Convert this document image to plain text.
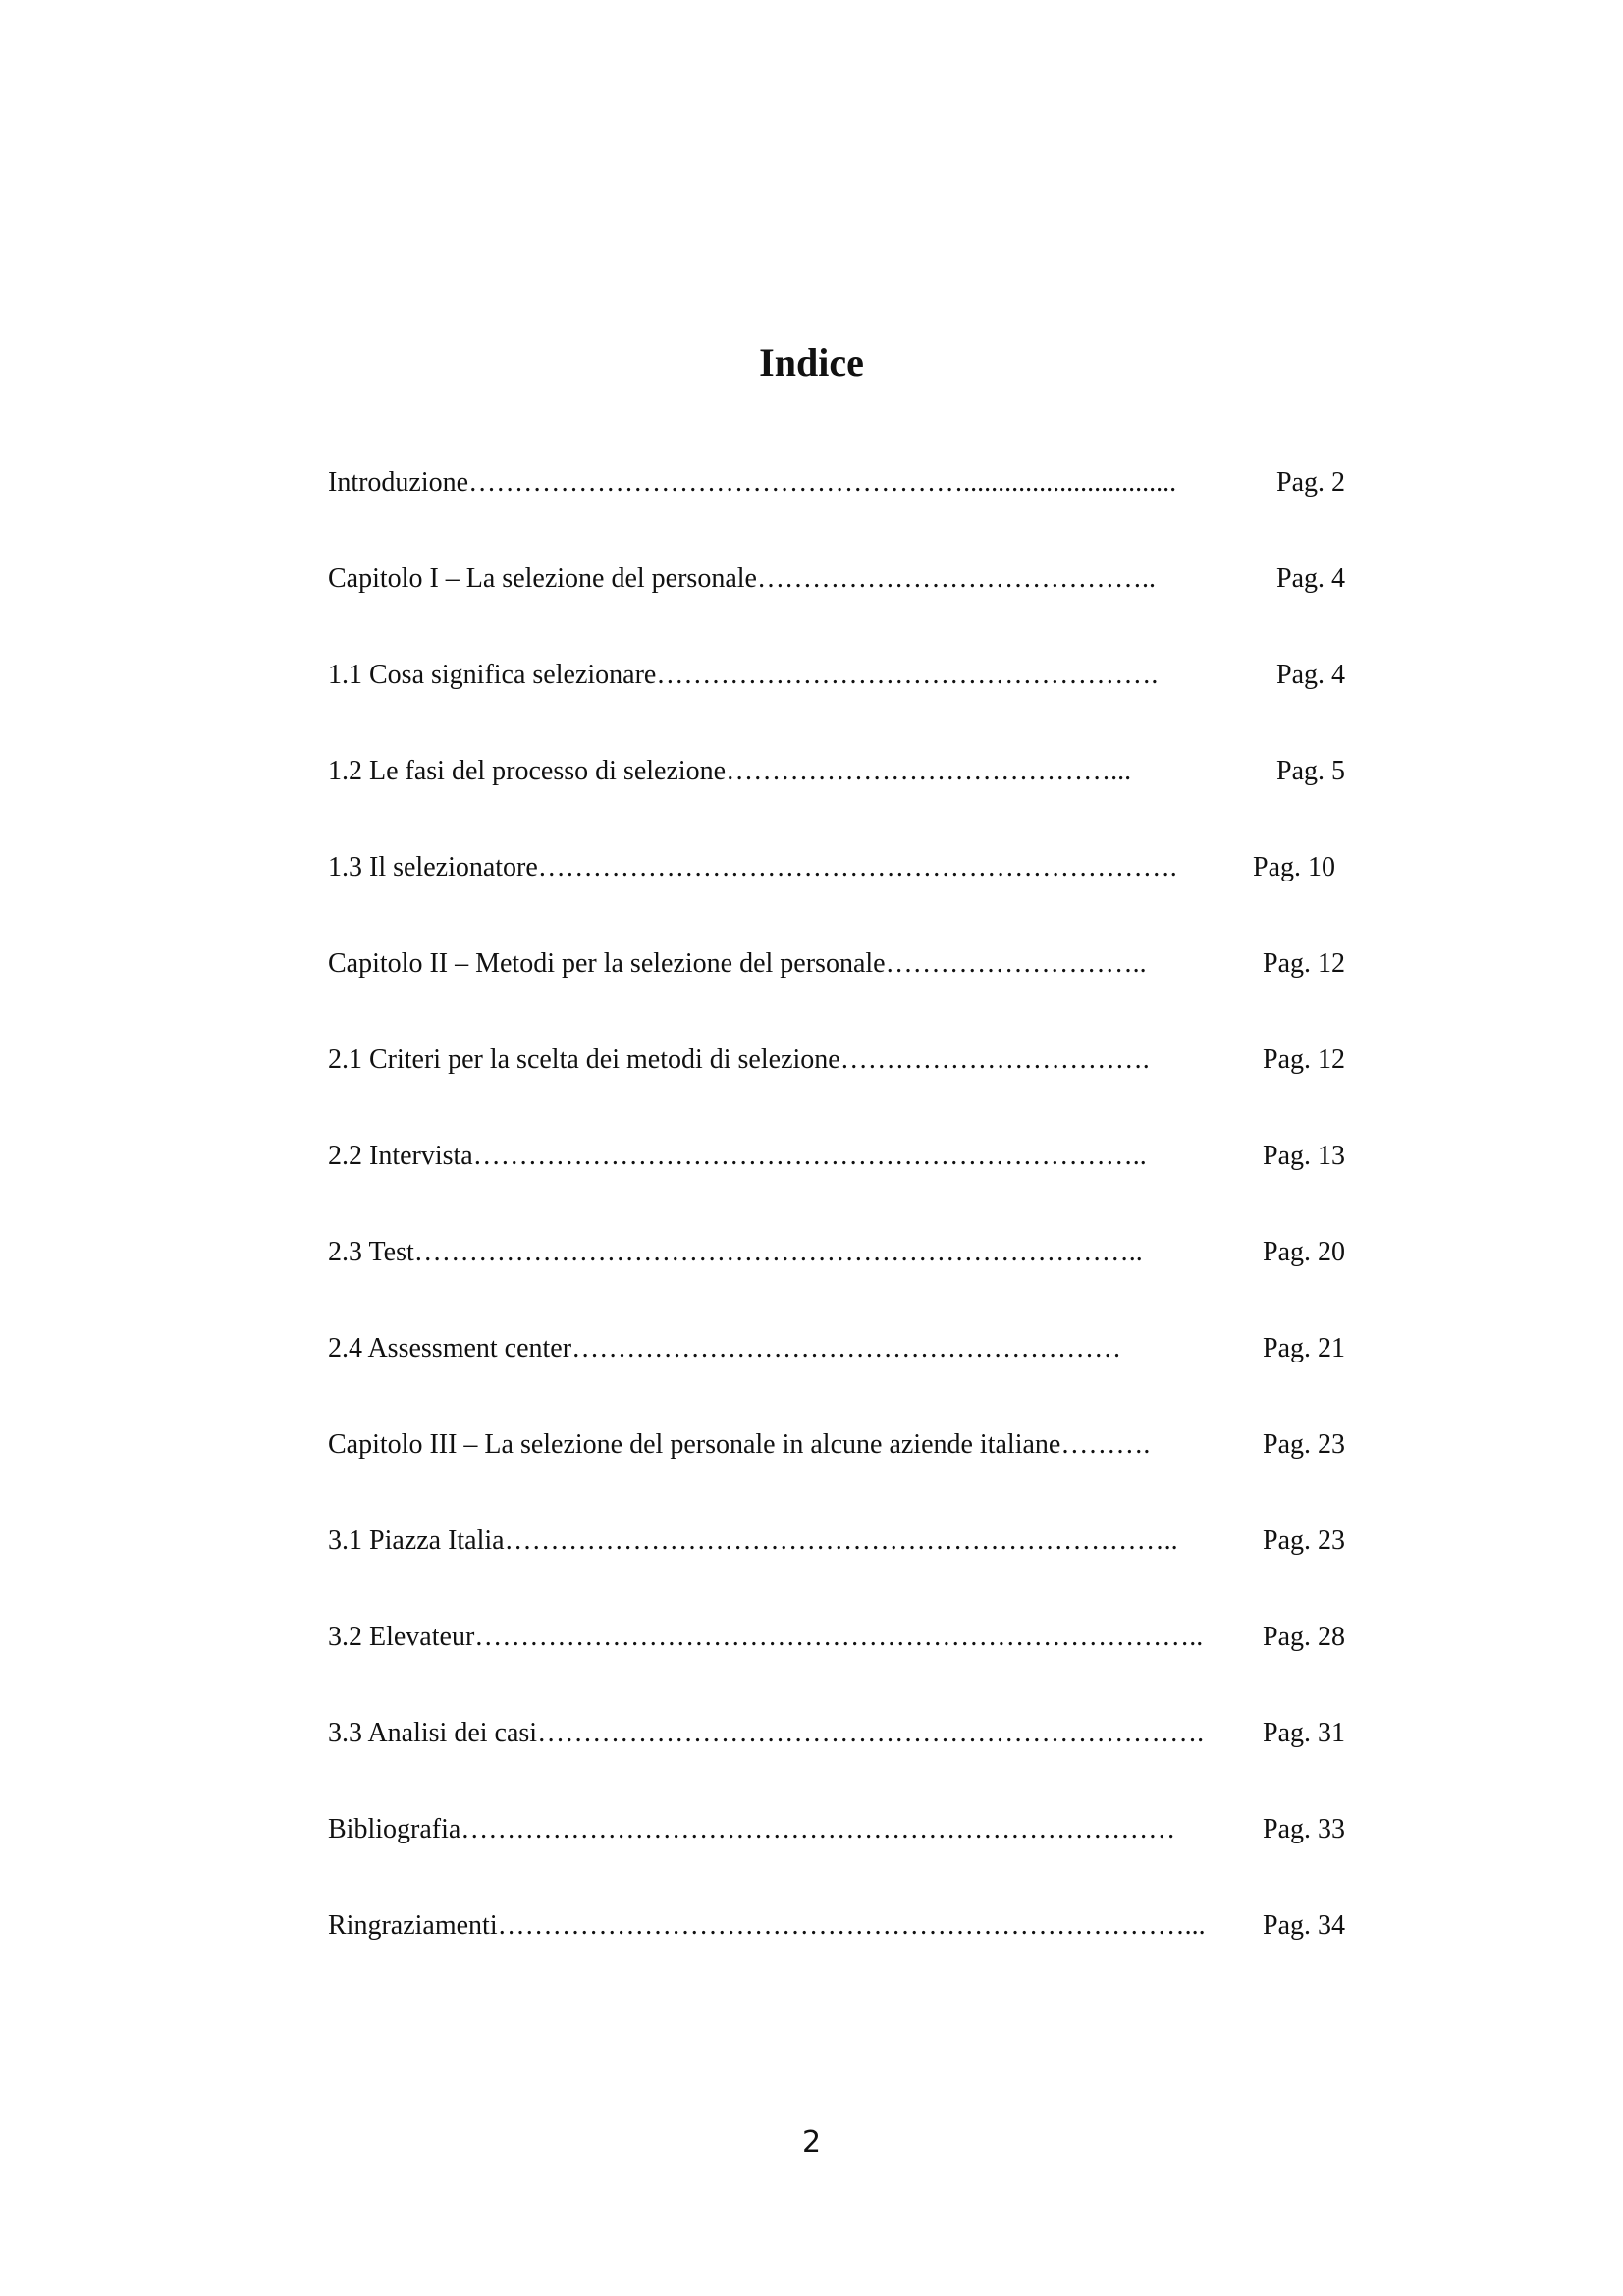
Indice
Introduzione………………………………………………...............................	Pag. 2
Capitolo I – La selezione del personale……………………………………..	Pag. 4
1.1 Cosa significa selezionare……………………………………………….	Pag. 4
1.2 Le fasi del processo di selezione……………………………………...	Pag. 5
1.3 Il selezionatore…………………………………………………………….	Pag. 10
Capitolo II – Metodi per la selezione del personale………………………..	Pag. 12
2.1 Criteri per la scelta dei metodi di selezione…………………………….	Pag. 12
2.2 Intervista………………………………………………………………..	Pag. 13
2.3 Test……………………………………………………………………..	Pag. 20
2.4 Assessment center……………………………………………………	Pag. 21
Capitolo III – La selezione del personale in alcune aziende italiane……….	Pag. 23
3.1 Piazza Italia………………………………………………………………..	Pag. 23
3.2 Elevateur…………………………………………………………………….. Pag. 28
3.3 Analisi dei casi………………………………………………………………. Pag. 31
Bibliografia……………………………………………………………………	Pag. 33
Ringraziamenti…………………………………………………………………... Pag. 34
2
